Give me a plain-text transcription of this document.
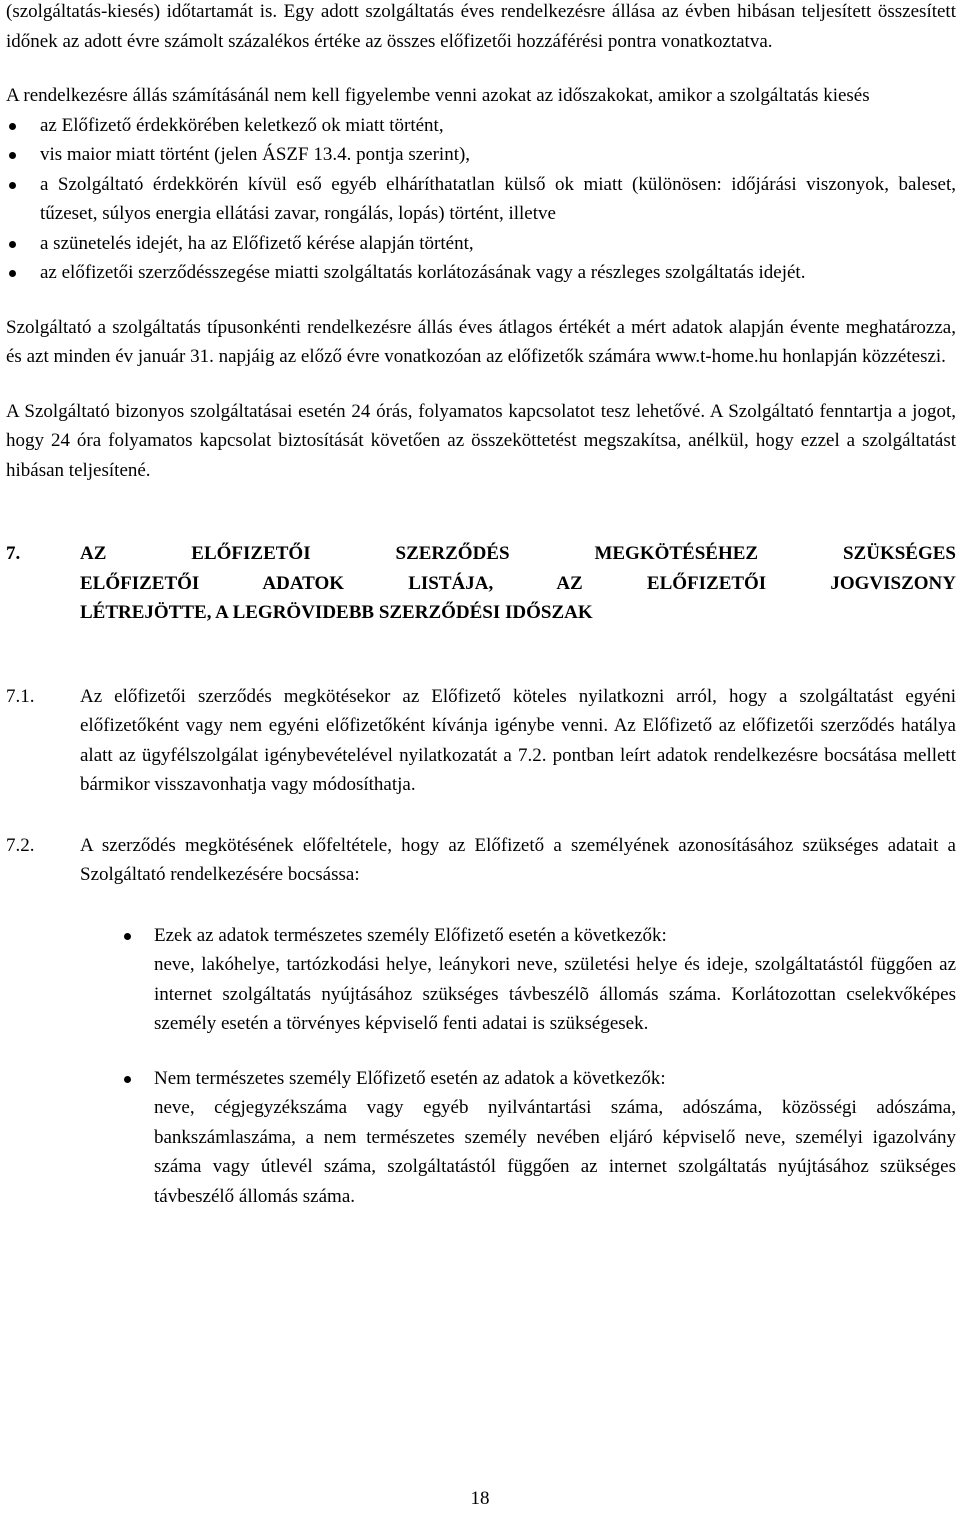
(szolgáltatás-kiesés) időtartamát is. Egy adott szolgáltatás éves rendelkezésre állása az évben hibásan teljesített összesített időnek az adott évre számolt százalékos értéke az összes előfizetői hozzáférési pontra vonatkoztatva.

A rendelkezésre állás számításánál nem kell figyelembe venni azokat az időszakokat, amikor a szolgáltatás kiesés

az Előfizető érdekkörében keletkező ok miatt történt,
vis maior miatt történt (jelen ÁSZF 13.4. pontja szerint),
a Szolgáltató érdekkörén kívül eső egyéb elháríthatatlan külső ok miatt (különösen: időjárási viszonyok, baleset, tűzeset, súlyos energia ellátási zavar, rongálás, lopás) történt, illetve
a szünetelés idejét, ha az Előfizető kérése alapján történt,
az előfizetői szerződésszegése miatti szolgáltatás korlátozásának vagy a részleges szolgáltatás idejét.

Szolgáltató a szolgáltatás típusonkénti rendelkezésre állás éves átlagos értékét a mért adatok alapján évente meghatározza, és azt minden év január 31. napjáig az előző évre vonatkozóan az előfizetők számára www.t-home.hu honlapján közzéteszi.

A Szolgáltató bizonyos szolgáltatásai esetén 24 órás, folyamatos kapcsolatot tesz lehetővé. A Szolgáltató fenntartja a jogot, hogy 24 óra folyamatos kapcsolat biztosítását követően az összeköttetést megszakítsa, anélkül, hogy ezzel a szolgáltatást hibásan teljesítené.

7.	AZ ELŐFIZETŐI SZERZŐDÉS MEGKÖTÉSÉHEZ SZÜKSÉGES
ELŐFIZETŐI ADATOK LISTÁJA, AZ ELŐFIZETŐI JOGVISZONY
LÉTREJÖTTE, A LEGRÖVIDEBB SZERZŐDÉSI IDŐSZAK
7.1. Az előfizetői szerződés megkötésekor az Előfizető köteles nyilatkozni arról, hogy a szolgáltatást egyéni előfizetőként vagy nem egyéni előfizetőként kívánja igénybe venni. Az Előfizető az előfizetői szerződés hatálya alatt az ügyfélszolgálat igénybevételével nyilatkozatát a 7.2. pontban leírt adatok rendelkezésre bocsátása mellett bármikor visszavonhatja vagy módosíthatja.
7.2. A szerződés megkötésének előfeltétele, hogy az Előfizető a személyének azonosításához szükséges adatait a Szolgáltató rendelkezésére bocsássa:
Ezek az adatok természetes személy Előfizető esetén a következők:
neve, lakóhelye, tartózkodási helye, leánykori neve, születési helye és ideje, szolgáltatástól függően az internet szolgáltatás nyújtásához szükséges távbeszélõ állomás száma. Korlátozottan cselekvőképes személy esetén a törvényes képviselő fenti adatai is szükségesek.
Nem természetes személy Előfizető esetén az adatok a következők:
neve, cégjegyzékszáma vagy egyéb nyilvántartási száma, adószáma, közösségi adószáma, bankszámlaszáma, a nem természetes személy nevében eljáró képviselő neve, személyi igazolvány száma vagy útlevél száma, szolgáltatástól függően az internet szolgáltatás nyújtásához szükséges távbeszélő állomás száma.
18
